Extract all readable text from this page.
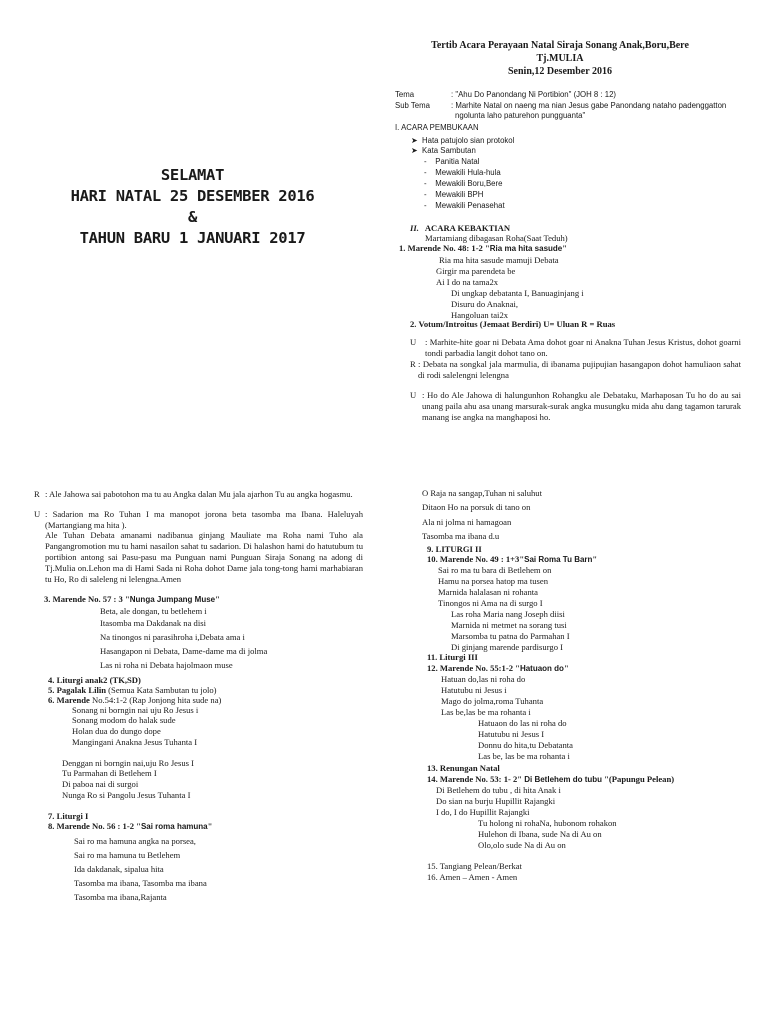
Tertib Acara Perayaan Natal Siraja Sonang Anak,Boru,Bere
Tj.MULIA
Senin,12 Desember 2016
SELAMAT
HARI NATAL 25 DESEMBER 2016
&
TAHUN BARU 1 JANUARI 2017
Tema	: "Ahu Do Panondang Ni Portibion" (JOH 8 : 12)
Sub Tema	: Marhite Natal on naeng ma nian Jesus gabe Panondang nataho padenggatton
ngolunta laho paturehon pungguanta"
I. ACARA PEMBUKAAN
➤ Hata patujolo sian protokol
➤ Kata Sambutan
-    Panitia Natal
-    Mewakili Hula-hula
-    Mewakili Boru,Bere
-    Mewakili BPH
-    Mewakili Penasehat
II. ACARA KEBAKTIAN
Martamiang dibagasan Roha(Saat Teduh)
1. Marende No. 48: 1-2 "Ria ma hita sasude"
Ria ma hita sasude mamuji Debata
Girgir ma parendeta be
Ai I do na tama2x
Di ungkap debatanta I, Banuaginjang i
Disuru do Anaknai,
Hangoluan tai2x
2. Votum/Introitus (Jemaat Berdiri) U= Uluan R = Ruas
U : Marhite-hite goar ni Debata Ama dohot goar ni Anakna Tuhan Jesus Kristus, dohot goarni tondi parbadia langit dohot tano on.
R : Debata na songkal jala marmulia, di ibanama pujipujian hasangapon dohot hamuliaon sahat di rodi salelengni lelengna
U : Ho do Ale Jahowa di halungunhon Rohangku ale Debataku, Marhaposan Tu ho do au sai unang paila ahu asa unang marsurak-surak angka musungku mida ahu dang tagamon tarurak manang ise angka na manghaposi ho.
R : Ale Jahowa sai pabotohon ma tu au Angka dalan Mu jala ajarhon Tu au angka hogasmu.
U : Sadarion ma Ro Tuhan I ma manopot jorona beta tasomba ma Ibana. Haleluyah (Martangiang ma hita ).
Ale Tuhan Debata amanami nadibanua ginjang Mauliate ma Roha nami Tuho ala Pangangromotion mu tu hami nasailon sahat tu sadarion. Di halashon hami do hatutubum tu portibion antong sai Pasu-pasu ma Punguan nami Punguan Siraja Sonang na adong di Tj.Mulia on.Lehon ma di Hami Sada ni Roha dohot Dame jala tong-tong hami marhabiaran tu Ho, Ro di saleleng ni lelengna.Amen
3. Marende No. 57 : 3 "Nunga Jumpang Muse"
Beta, ale dongan, tu betlehem i
Itasomba ma Dakdanak na disi
Na tinongos ni parasihroha i,Debata ama i
Hasangapon ni Debata, Dame-dame ma di jolma
Las ni roha ni Debata hajolmaon muse
4. Liturgi anak2 (TK,SD)
5. Pagalak Lilin (Semua Kata Sambutan tu jolo)
6. Marende No.54:1-2 (Rap Jonjong hita sude na)
Sonang ni borngin nai uju Ro Jesus i
Sonang modom do halak sude
Holan dua do dungo dope
Mangingani Anakna Jesus Tuhanta I
Denggan ni borngin nai,uju Ro Jesus I
Tu Parmahan di Betlehem I
Di paboa nai di surgoi
Nunga Ro si Pangolu Jesus Tuhanta I
7. Liturgi I
8. Marende No. 56 : 1-2 "Sai roma hamuna"
Sai ro ma hamuna angka na porsea,
Sai ro ma hamuna tu Betlehem
Ida dakdanak, sipalua hita
Tasomba ma ibana, Tasomba ma ibana
Tasomba ma ibana,Rajanta
O Raja na sangap,Tuhan ni saluhut
Ditaon Ho na porsuk di tano on
Ala ni jolma ni hamagoan
Tasomba ma ibana d.u
9. LITURGI II
10. Marende No. 49 : 1+3"Sai Roma Tu Barn"
Sai ro ma tu bara di Betlehem on
Hamu na porsea hatop ma tusen
Marnida halalasan ni rohanta
Tinongos ni Ama na di surgo I
Las roha Maria nang Joseph diisi
Marnida ni metmet na sorang tusi
Marsomba tu patna do Parmahan I
Di ginjang marende pardisurgo I
11. Liturgi III
12. Marende No. 55:1-2 "Hatuaon do"
Hatuan do,las ni roha do
Hatutubu ni Jesus i
Mago do jolma,roma Tuhanta
Las be,las be ma rohanta i
Hatuaon do las ni roha do
Hatutubu ni Jesus I
Donnu do hita,tu Debatanta
Las be, las be ma rohanta i
13. Renungan Natal
14. Marende No. 53: 1- 2" Di Betlehem do tubu "(Papungu Pelean)
Di Betlehem do tubu , di hita Anak i
Do sian na burju Hupillit Rajangki
I do, I do Hupillit Rajangki
Tu holong ni rohaNa, hubonom rohakon
Hulehon di Ibana, sude Na di Au on
Olo,olo sude Na di Au on
15. Tangiang Pelean/Berkat
16. Amen – Amen - Amen
